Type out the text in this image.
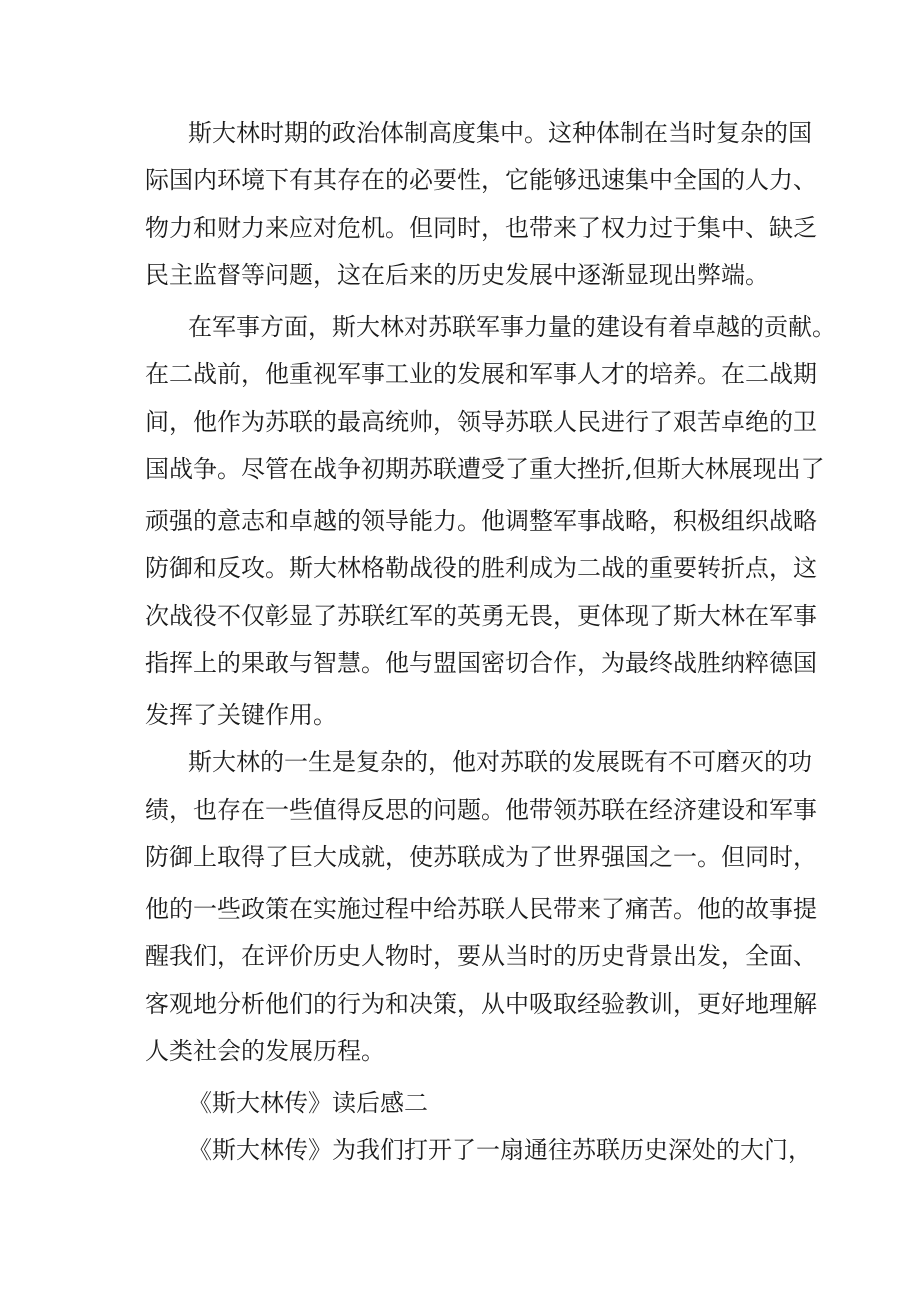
斯大林时期的政治体制高度集中。这种体制在当时复杂的国
际国内环境下有其存在的必要性，它能够迅速集中全国的人力、
物力和财力来应对危机。但同时，也带来了权力过于集中、缺乏
民主监督等问题，这在后来的历史发展中逐渐显现出弊端。
在军事方面，斯大林对苏联军事力量的建设有着卓越的贡献。
在二战前，他重视军事工业的发展和军事人才的培养。在二战期
间，他作为苏联的最高统帅，领导苏联人民进行了艰苦卓绝的卫
国战争。尽管在战争初期苏联遭受了重大挫折,但斯大林展现出了
顽强的意志和卓越的领导能力。他调整军事战略，积极组织战略
防御和反攻。斯大林格勒战役的胜利成为二战的重要转折点，这
次战役不仅彰显了苏联红军的英勇无畏，更体现了斯大林在军事
指挥上的果敢与智慧。他与盟国密切合作，为最终战胜纳粹德国
发挥了关键作用。
斯大林的一生是复杂的，他对苏联的发展既有不可磨灭的功
绩，也存在一些值得反思的问题。他带领苏联在经济建设和军事
防御上取得了巨大成就，使苏联成为了世界强国之一。但同时，
他的一些政策在实施过程中给苏联人民带来了痛苦。他的故事提
醒我们，在评价历史人物时，要从当时的历史背景出发，全面、
客观地分析他们的行为和决策，从中吸取经验教训，更好地理解
人类社会的发展历程。
《斯大林传》读后感二
《斯大林传》为我们打开了一扇通往苏联历史深处的大门，
